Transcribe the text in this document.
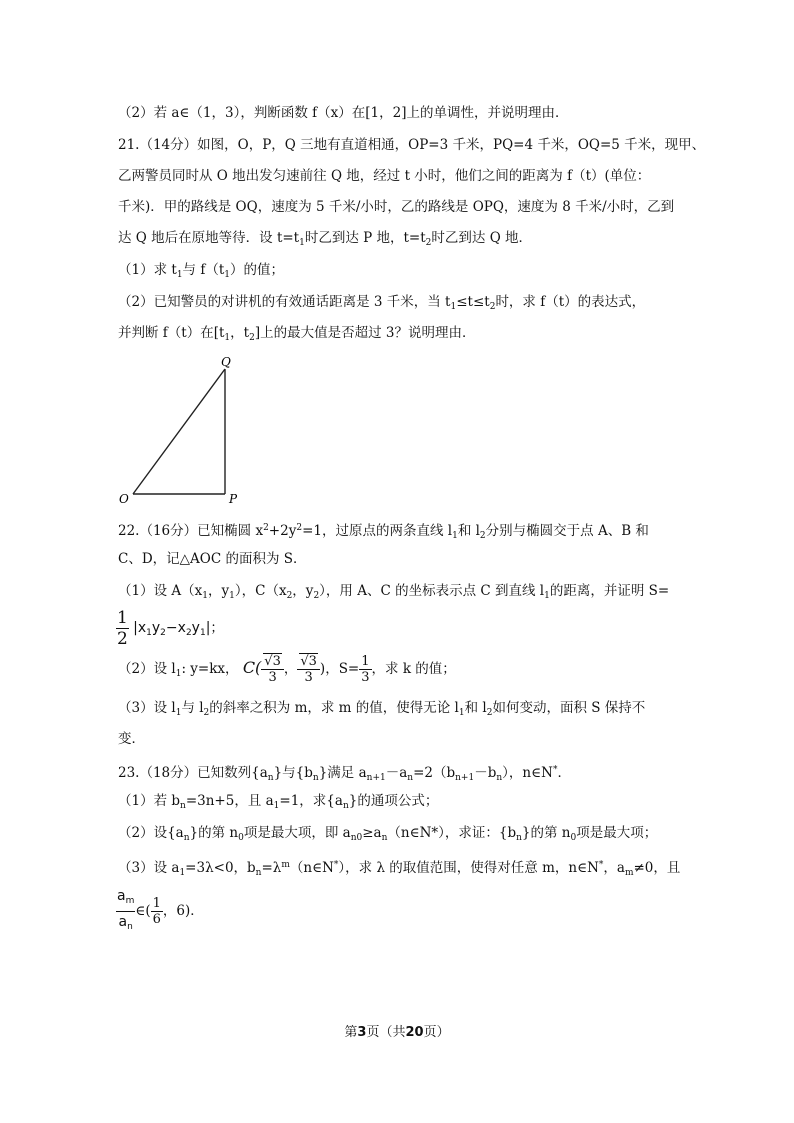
（2）若 a∈（1，3），判断函数 f（x）在[1，2]上的单调性，并说明理由．
21.（14分）如图，O，P，Q 三地有直道相通，OP=3 千米，PQ=4 千米，OQ=5 千米，现甲、
乙两警员同时从 O 地出发匀速前往 Q 地，经过 t 小时，他们之间的距离为 f（t）(单位：
千米)．甲的路线是 OQ，速度为 5 千米/小时，乙的路线是 OPQ，速度为 8 千米/小时，乙到
达 Q 地后在原地等待．设 $t=t_1$时乙到达 P 地，$t=t_2$时乙到达 Q 地．
（1）求 $t_1$与 $f(t_1)$的值；
（2）已知警员的对讲机的有效通话距离是 3 千米，当 $t_1\le t\le t_2$时，求 f（t）的表达式，
并判断 f（t）在[$t_1$，$t_2$]上的最大值是否超过 3？说明理由．
Q
O	P
22.（16分）已知椭圆 $x^2+2y^2=1$，过原点的两条直线 $l_1$和 $l_2$分别与椭圆交于点 A、B 和
C、D，记△AOC 的面积为 S．
（1）设 $A(x_1$，$y_1$），$C(x_2$，$y_2$），用 A、C 的坐标表示点 C 到直线 $l_1$的距离，并证明 S=
$\frac{1}{2} |x_1y_2-x_2y_1|$；
（2）设 $l_1$: y=kx， $C( \frac{√3}{3}$ ， $\frac{√3}{3}$ )，$S= \frac{1}{3}$ ，求 k 的值；
（3）设 $l_1$与 $l_2$的斜率之积为 m，求 m 的值，使得无论 $l_1$和 $l_2$如何变动，面积 S 保持不
变．
23.（18分）已知数列$\{a_n\}$与$\{b_n\}$满足 $a_{n+1}-a_n=2(b_{n+1}-b_n)$，n∈N*．
（1）若 $b_n=3n+5$，且 $a_1=1$，求$\{a_n\}$的通项公式；
（2）设$\{a_n\}$的第 $n_0$项是最大项，即 $a_{n0}\ge a_n(n\in N*)$，求证：$\{b_n\}$的第 $n_0$项是最大项；
（3）设 $a_1=3\lambda<0$，$b_n=\lambda^m(n\in N^*)$，求 λ 的取值范围，使得对任意 m，n∈N*，$a_m\ne 0$，且
$\frac{a_m}{a_n}$ ∈( $\frac{1}{6}$ ，6)．
第3页（共20页）
